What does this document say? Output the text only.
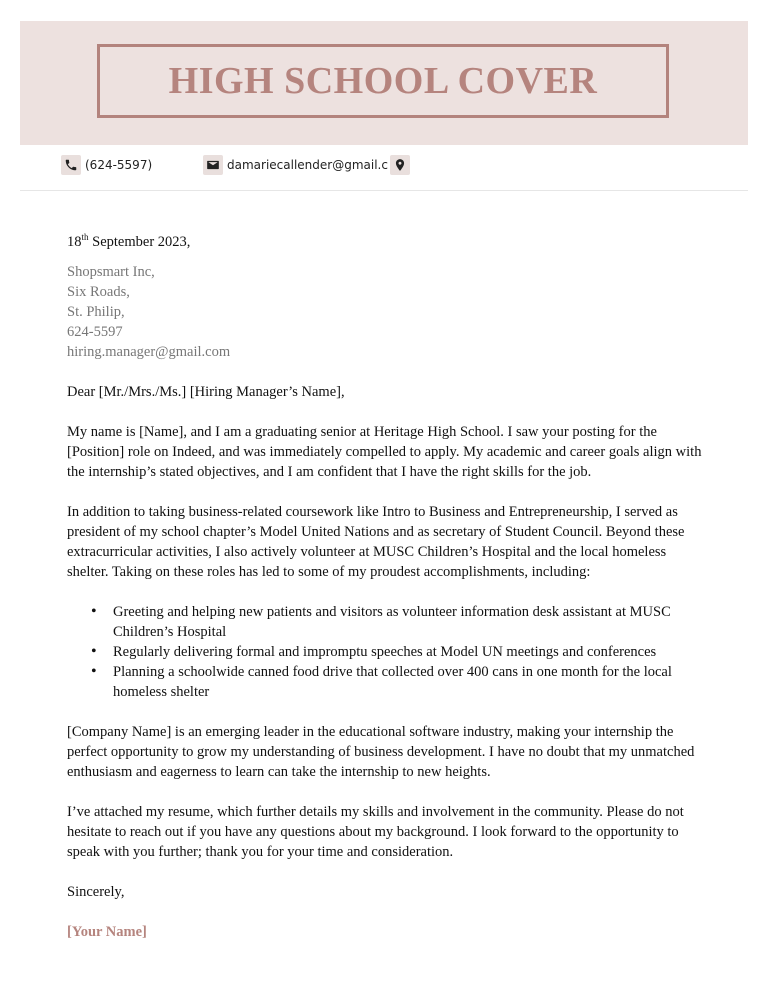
HIGH SCHOOL COVER
(624-5597)	damariecallender@gmail.c
18th September 2023,
Shopsmart Inc,
Six Roads,
St. Philip,
624-5597
hiring.manager@gmail.com

Dear [Mr./Mrs./Ms.] [Hiring Manager’s Name],

My name is [Name], and I am a graduating senior at Heritage High School. I saw your posting for the [Position] role on Indeed, and was immediately compelled to apply. My academic and career goals align with the internship’s stated objectives, and I am confident that I have the right skills for the job.

In addition to taking business-related coursework like Intro to Business and Entrepreneurship, I served as president of my school chapter’s Model United Nations and as secretary of Student Council. Beyond these extracurricular activities, I also actively volunteer at MUSC Children’s Hospital and the local homeless shelter. Taking on these roles has led to some of my proudest accomplishments, including:

• Greeting and helping new patients and visitors as volunteer information desk assistant at MUSC Children’s Hospital
• Regularly delivering formal and impromptu speeches at Model UN meetings and conferences
• Planning a schoolwide canned food drive that collected over 400 cans in one month for the local homeless shelter

[Company Name] is an emerging leader in the educational software industry, making your internship the perfect opportunity to grow my understanding of business development. I have no doubt that my unmatched enthusiasm and eagerness to learn can take the internship to new heights.

I’ve attached my resume, which further details my skills and involvement in the community. Please do not hesitate to reach out if you have any questions about my background. I look forward to the opportunity to speak with you further; thank you for your time and consideration.

Sincerely,

[Your Name]
